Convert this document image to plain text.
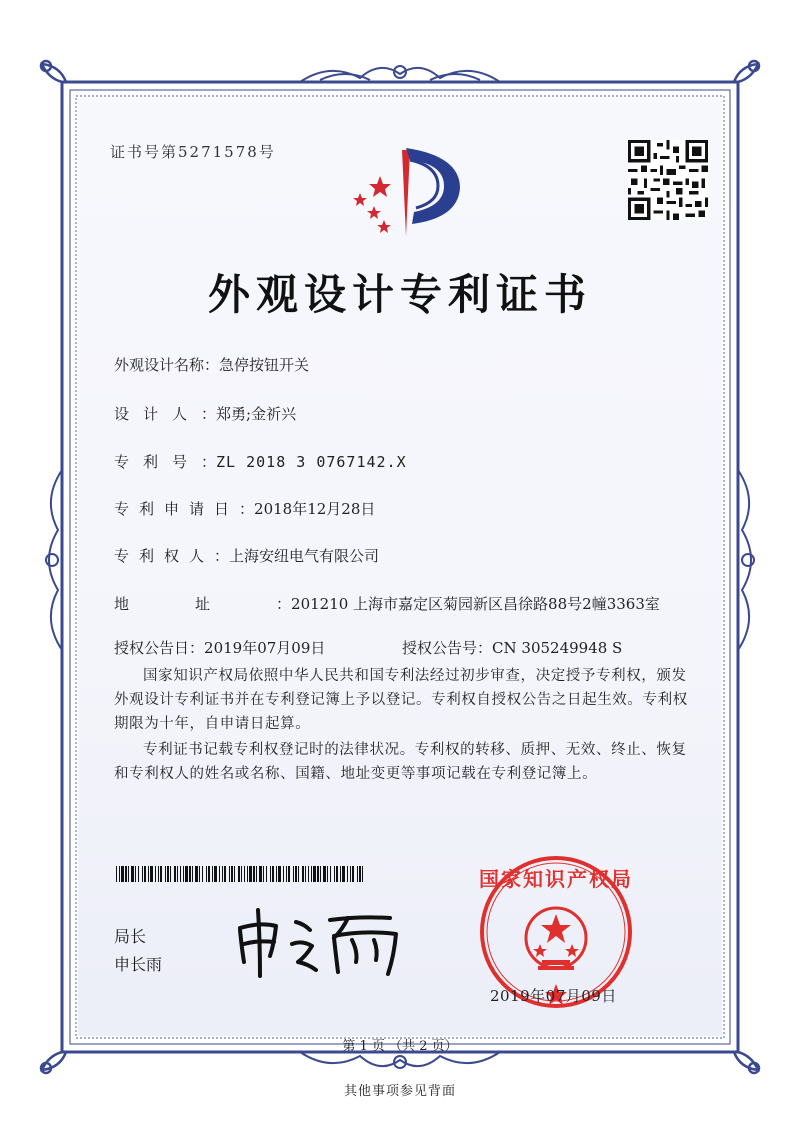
证书号第5271578号
外观设计专利证书
外观设计名称：急停按钮开关
设计人：郑勇;金祈兴
专利号：ZL 2018 3 0767142.X
专利申请日：2018年12月28日
专利权人：上海安纽电气有限公司
地址：201210 上海市嘉定区菊园新区昌徐路88号2幢3363室
授权公告日：2019年07月09日	授权公告号：CN 305249948 S
国家知识产权局依照中华人民共和国专利法经过初步审查，决定授予专利权，颁发外观设计专利证书并在专利登记簿上予以登记。专利权自授权公告之日起生效。专利权期限为十年，自申请日起算。
专利证书记载专利权登记时的法律状况。专利权的转移、质押、无效、终止、恢复和专利权人的姓名或名称、国籍、地址变更等事项记载在专利登记簿上。
局长
申长雨
国家知识产权局
2019年07月09日
第 1 页 （共 2 页）
其他事项参见背面
